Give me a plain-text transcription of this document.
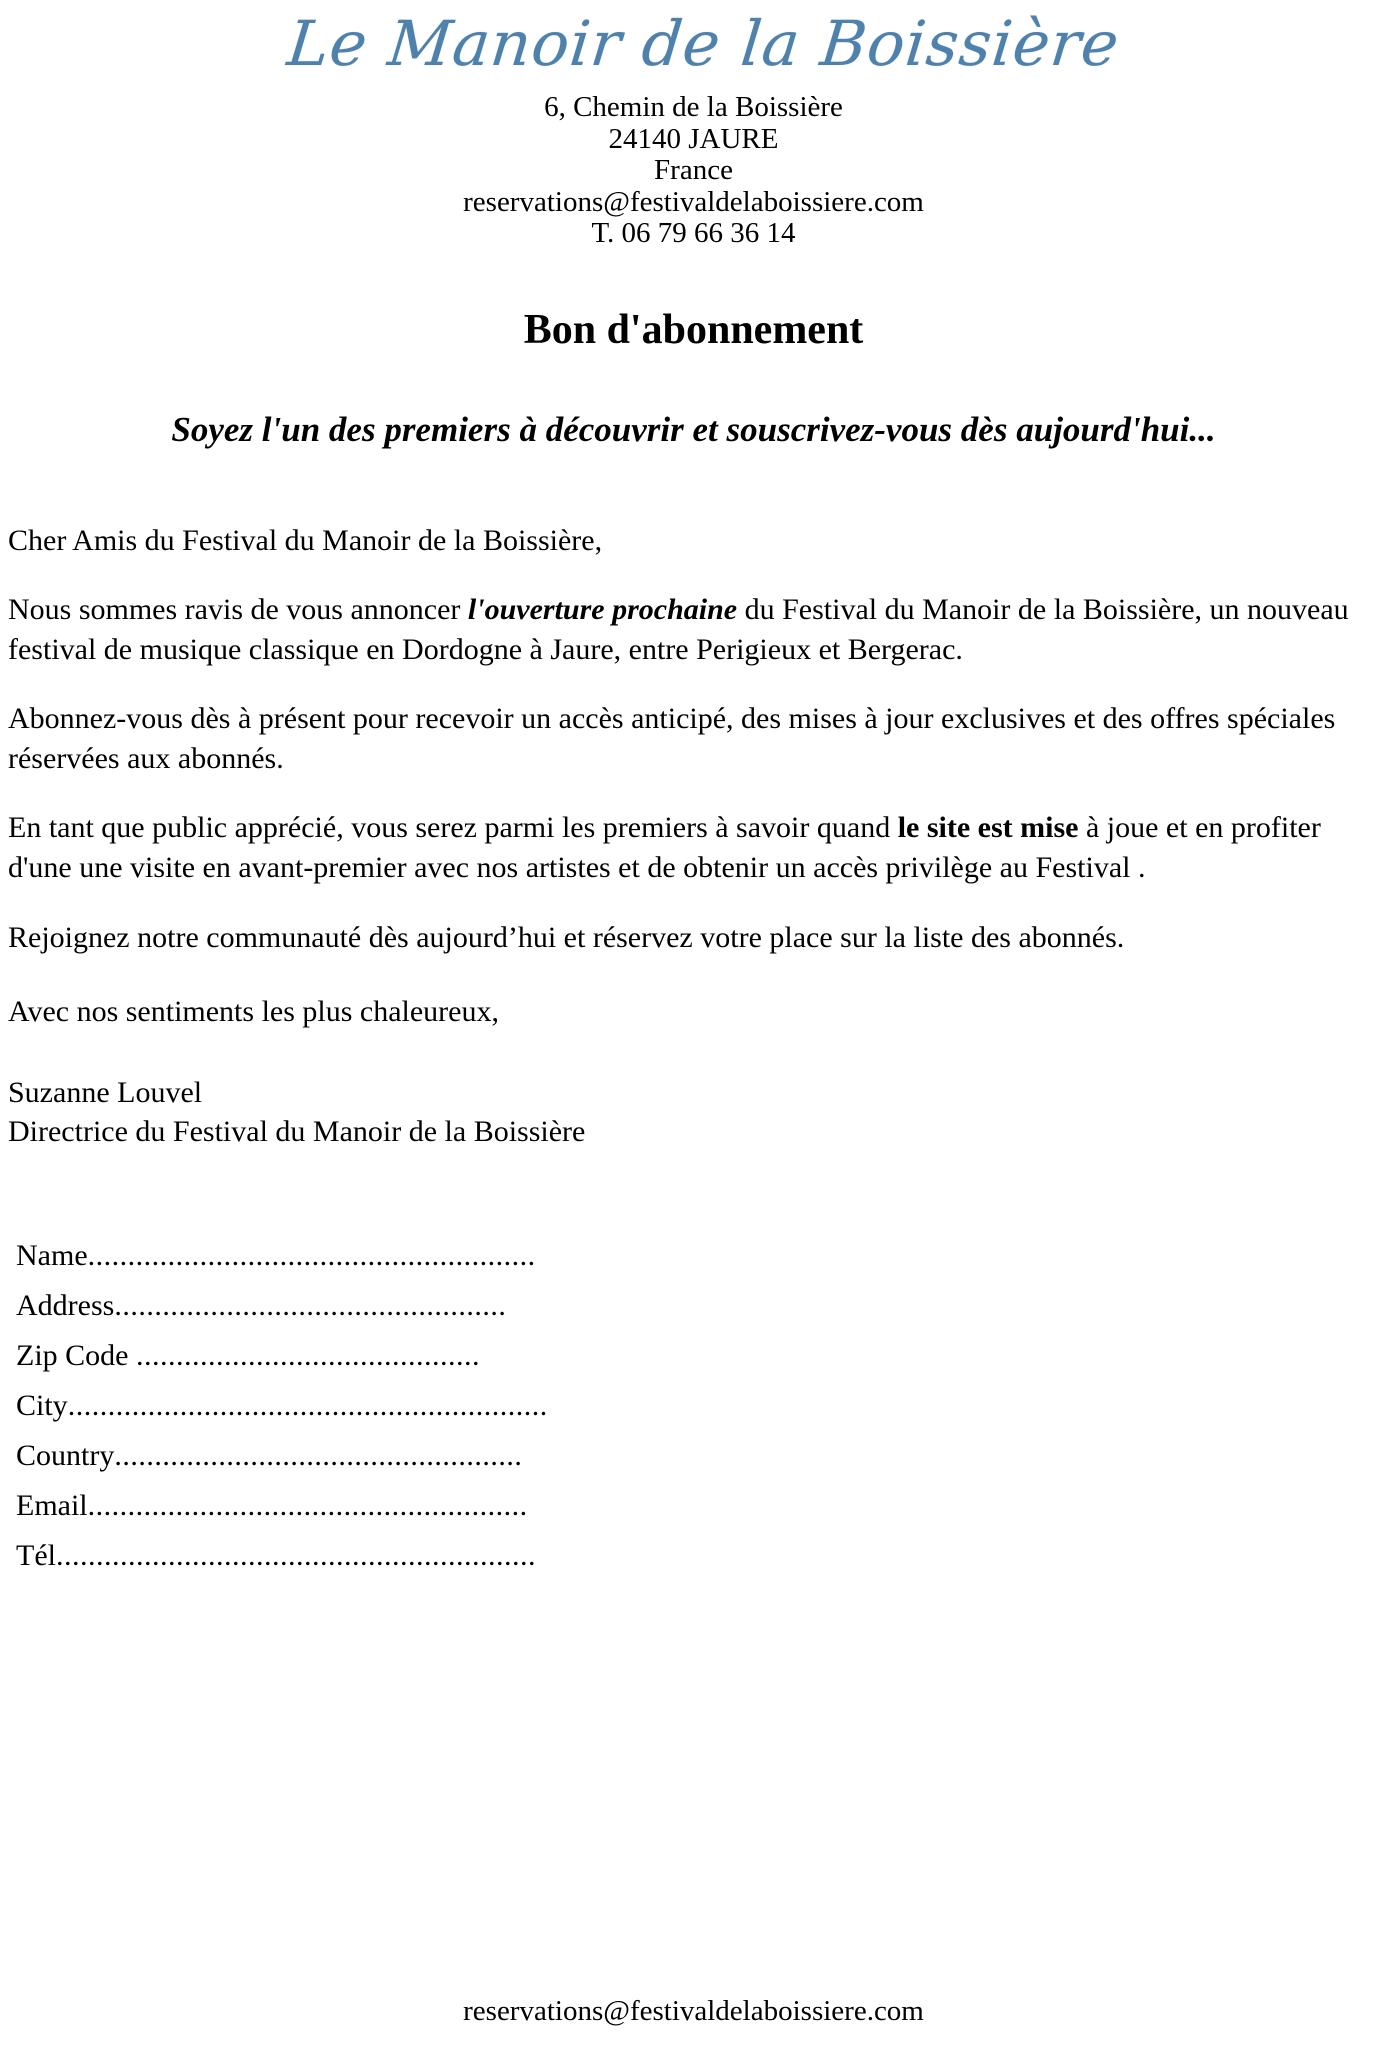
Le Manoir de la Boissière
6, Chemin de la Boissière
24140 JAURE
France
reservations@festivaldelaboissiere.com
T. 06 79 66 36 14
Bon d'abonnement
Soyez l'un des premiers à découvrir et souscrivez-vous dès aujourd'hui...
Cher Amis du Festival du Manoir de la Boissière,

Nous sommes ravis de vous annoncer l'ouverture prochaine du Festival du Manoir de la Boissière, un nouveau festival de musique classique en Dordogne à Jaure, entre Perigieux et Bergerac.

Abonnez-vous dès à présent pour recevoir un accès anticipé, des mises à jour exclusives et des offres spéciales réservées aux abonnés.

En tant que public apprécié, vous serez parmi les premiers à savoir quand le site est mise à joue et en profiter d'une une visite en avant-premier avec nos artistes et de obtenir un accès privilège au Festival .

Rejoignez notre communauté dès aujourd’hui et réservez votre place sur la liste des abonnés.

Avec nos sentiments les plus chaleureux,
Suzanne Louvel
Directrice du Festival du Manoir de la Boissière
Name........................................................
Address.................................................
Zip Code ...........................................
City............................................................
Country...................................................
Email.......................................................
Tél............................................................
reservations@festivaldelaboissiere.com
